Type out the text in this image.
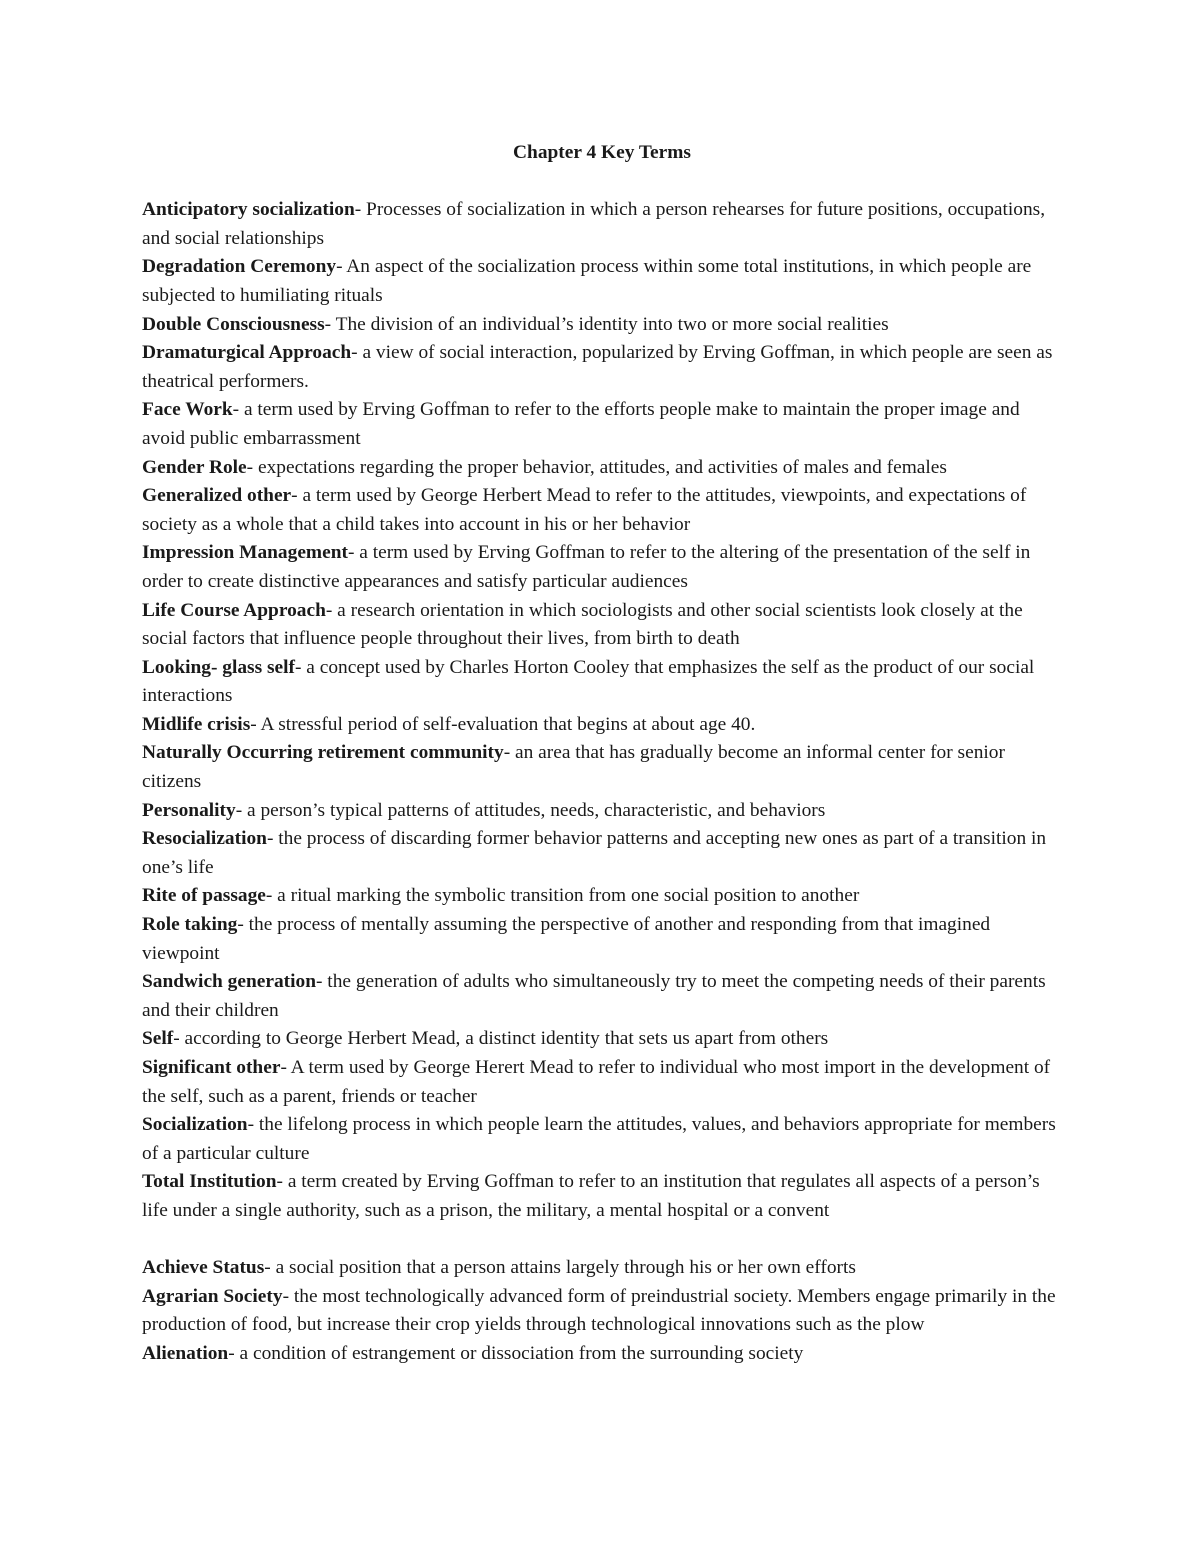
Chapter 4 Key Terms

Anticipatory socialization- Processes of socialization in which a person rehearses for future positions, occupations, and social relationships

Degradation Ceremony- An aspect of the socialization process within some total institutions, in which people are subjected to humiliating rituals

Double Consciousness- The division of an individual’s identity into two or more social realities

Dramaturgical Approach- a view of social interaction, popularized by Erving Goffman, in which people are seen as theatrical performers.

Face Work- a term used by Erving Goffman to refer to the efforts people make to maintain the proper image and avoid public embarrassment

Gender Role- expectations regarding the proper behavior, attitudes, and activities of males and females

Generalized other- a term used by George Herbert Mead to refer to the attitudes, viewpoints, and expectations of society as a whole that a child takes into account in his or her behavior

Impression Management- a term used by Erving Goffman to refer to the altering of the presentation of the self in order to create distinctive appearances and satisfy particular audiences

Life Course Approach- a research orientation in which sociologists and other social scientists look closely at the social factors that influence people throughout their lives, from birth to death

Looking- glass self- a concept used by Charles Horton Cooley that emphasizes the self as the product of our social interactions

Midlife crisis- A stressful period of self-evaluation that begins at about age 40.

Naturally Occurring retirement community- an area that has gradually become an informal center for senior citizens

Personality- a person’s typical patterns of attitudes, needs, characteristic, and behaviors

Resocialization- the process of discarding former behavior patterns and accepting new ones as part of a transition in one’s life

Rite of passage- a ritual marking the symbolic transition from one social position to another

Role taking- the process of mentally assuming the perspective of another and responding from that imagined viewpoint

Sandwich generation- the generation of adults who simultaneously try to meet the competing needs of their parents and their children

Self- according to George Herbert Mead, a distinct identity that sets us apart from others

Significant other- A term used by George Herert Mead to refer to individual who most import in the development of the self, such as a parent, friends or teacher

Socialization- the lifelong process in which people learn the attitudes, values, and behaviors appropriate for members of a particular culture

Total Institution- a term created by Erving Goffman to refer to an institution that regulates all aspects of a person’s life under a single authority, such as a prison, the military, a mental hospital or a convent

Achieve Status- a social position that a person attains largely through his or her own efforts

Agrarian Society- the most technologically advanced form of preindustrial society. Members engage primarily in the production of food, but increase their crop yields through technological innovations such as the plow

Alienation- a condition of estrangement or dissociation from the surrounding society
